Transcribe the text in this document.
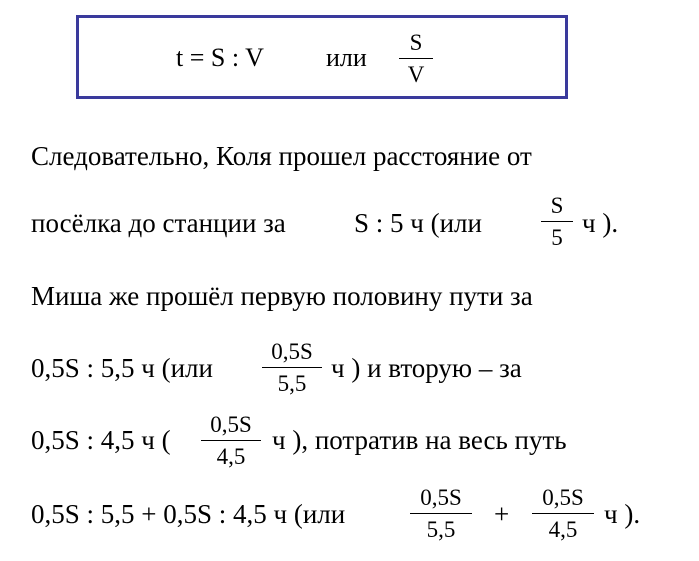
t = S : V или
S
V
Следовательно, Коля прошел расстояние от
посёлка до станции за	S : 5 ч (или
S
5 ч ).
Миша же прошёл первую половину пути за
0,5S : 5,5 ч (или
0,5S
5,5
ч ) и вторую – за
0,5S : 4,5 ч (
0,5S
4,5
ч ), потратив на весь путь
0,5S : 5,5 + 0,5S : 4,5 ч (или
0,5S
5,5
+
0,5S
4,5
ч ).
